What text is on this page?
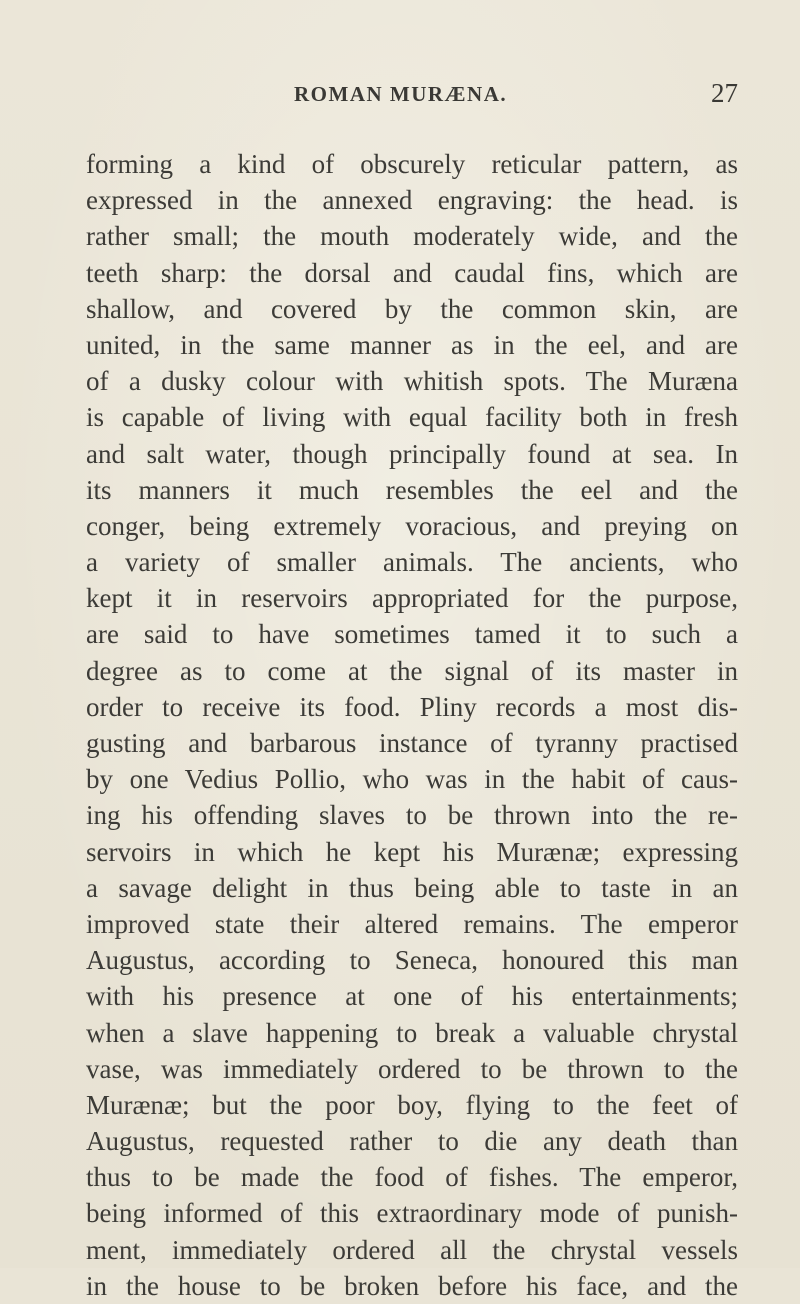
ROMAN MURÆNA.	27
forming a kind of obscurely reticular pattern, as
expressed in the annexed engraving: the head. is
rather small; the mouth moderately wide, and the
teeth sharp: the dorsal and caudal fins, which are
shallow, and covered by the common skin, are
united, in the same manner as in the eel, and are
of a dusky colour with whitish spots. The Muræna
is capable of living with equal facility both in fresh
and salt water, though principally found at sea. In
its manners it much resembles the eel and the
conger, being extremely voracious, and preying on
a variety of smaller animals. The ancients, who
kept it in reservoirs appropriated for the purpose,
are said to have sometimes tamed it to such a
degree as to come at the signal of its master in
order to receive its food. Pliny records a most dis-
gusting and barbarous instance of tyranny practised
by one Vedius Pollio, who was in the habit of caus-
ing his offending slaves to be thrown into the re-
servoirs in which he kept his Murænæ; expressing
a savage delight in thus being able to taste in an
improved state their altered remains. The emperor
Augustus, according to Seneca, honoured this man
with his presence at one of his entertainments;
when a slave happening to break a valuable chrystal
vase, was immediately ordered to be thrown to the
Murænæ; but the poor boy, flying to the feet of
Augustus, requested rather to die any death than
thus to be made the food of fishes. The emperor,
being informed of this extraordinary mode of punish-
ment, immediately ordered all the chrystal vessels
in the house to be broken before his face, and the
